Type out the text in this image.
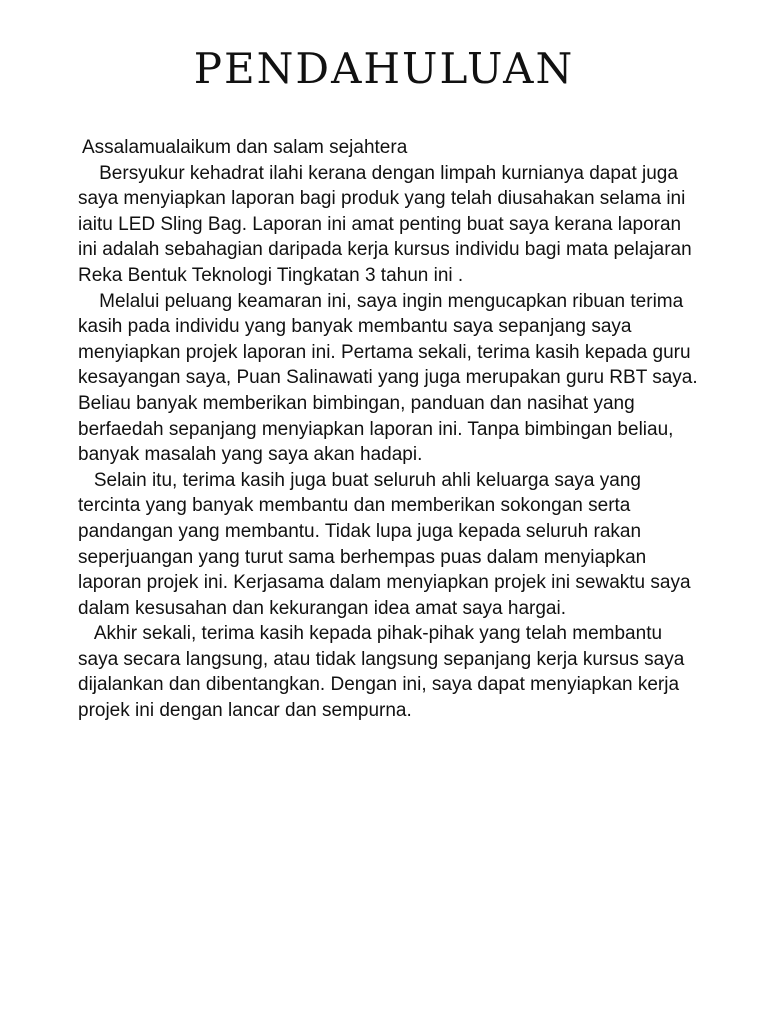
PENDAHULUAN

Assalamualaikum dan salam sejahtera

Bersyukur kehadrat ilahi kerana dengan limpah kurnianya dapat juga saya menyiapkan laporan bagi produk yang telah diusahakan selama ini iaitu LED Sling Bag. Laporan ini amat penting buat saya kerana laporan ini adalah sebahagian daripada kerja kursus individu bagi mata pelajaran Reka Bentuk Teknologi Tingkatan 3 tahun ini .

Melalui peluang keamaran ini, saya ingin mengucapkan ribuan terima kasih pada individu yang banyak membantu saya sepanjang saya menyiapkan projek laporan ini. Pertama sekali, terima kasih kepada guru kesayangan saya, Puan Salinawati yang juga merupakan guru RBT saya. Beliau banyak memberikan bimbingan, panduan dan nasihat yang berfaedah sepanjang menyiapkan laporan ini. Tanpa bimbingan beliau, banyak masalah yang saya akan hadapi.

Selain itu, terima kasih juga buat seluruh ahli keluarga saya yang tercinta yang banyak membantu dan memberikan sokongan serta pandangan yang membantu. Tidak lupa juga kepada seluruh rakan seperjuangan yang turut sama berhempas puas dalam menyiapkan laporan projek ini. Kerjasama dalam menyiapkan projek ini sewaktu saya dalam kesusahan dan kekurangan idea amat saya hargai.

Akhir sekali, terima kasih kepada pihak-pihak yang telah membantu saya secara langsung, atau tidak langsung sepanjang kerja kursus saya dijalankan dan dibentangkan. Dengan ini, saya dapat menyiapkan kerja projek ini dengan lancar dan sempurna.
